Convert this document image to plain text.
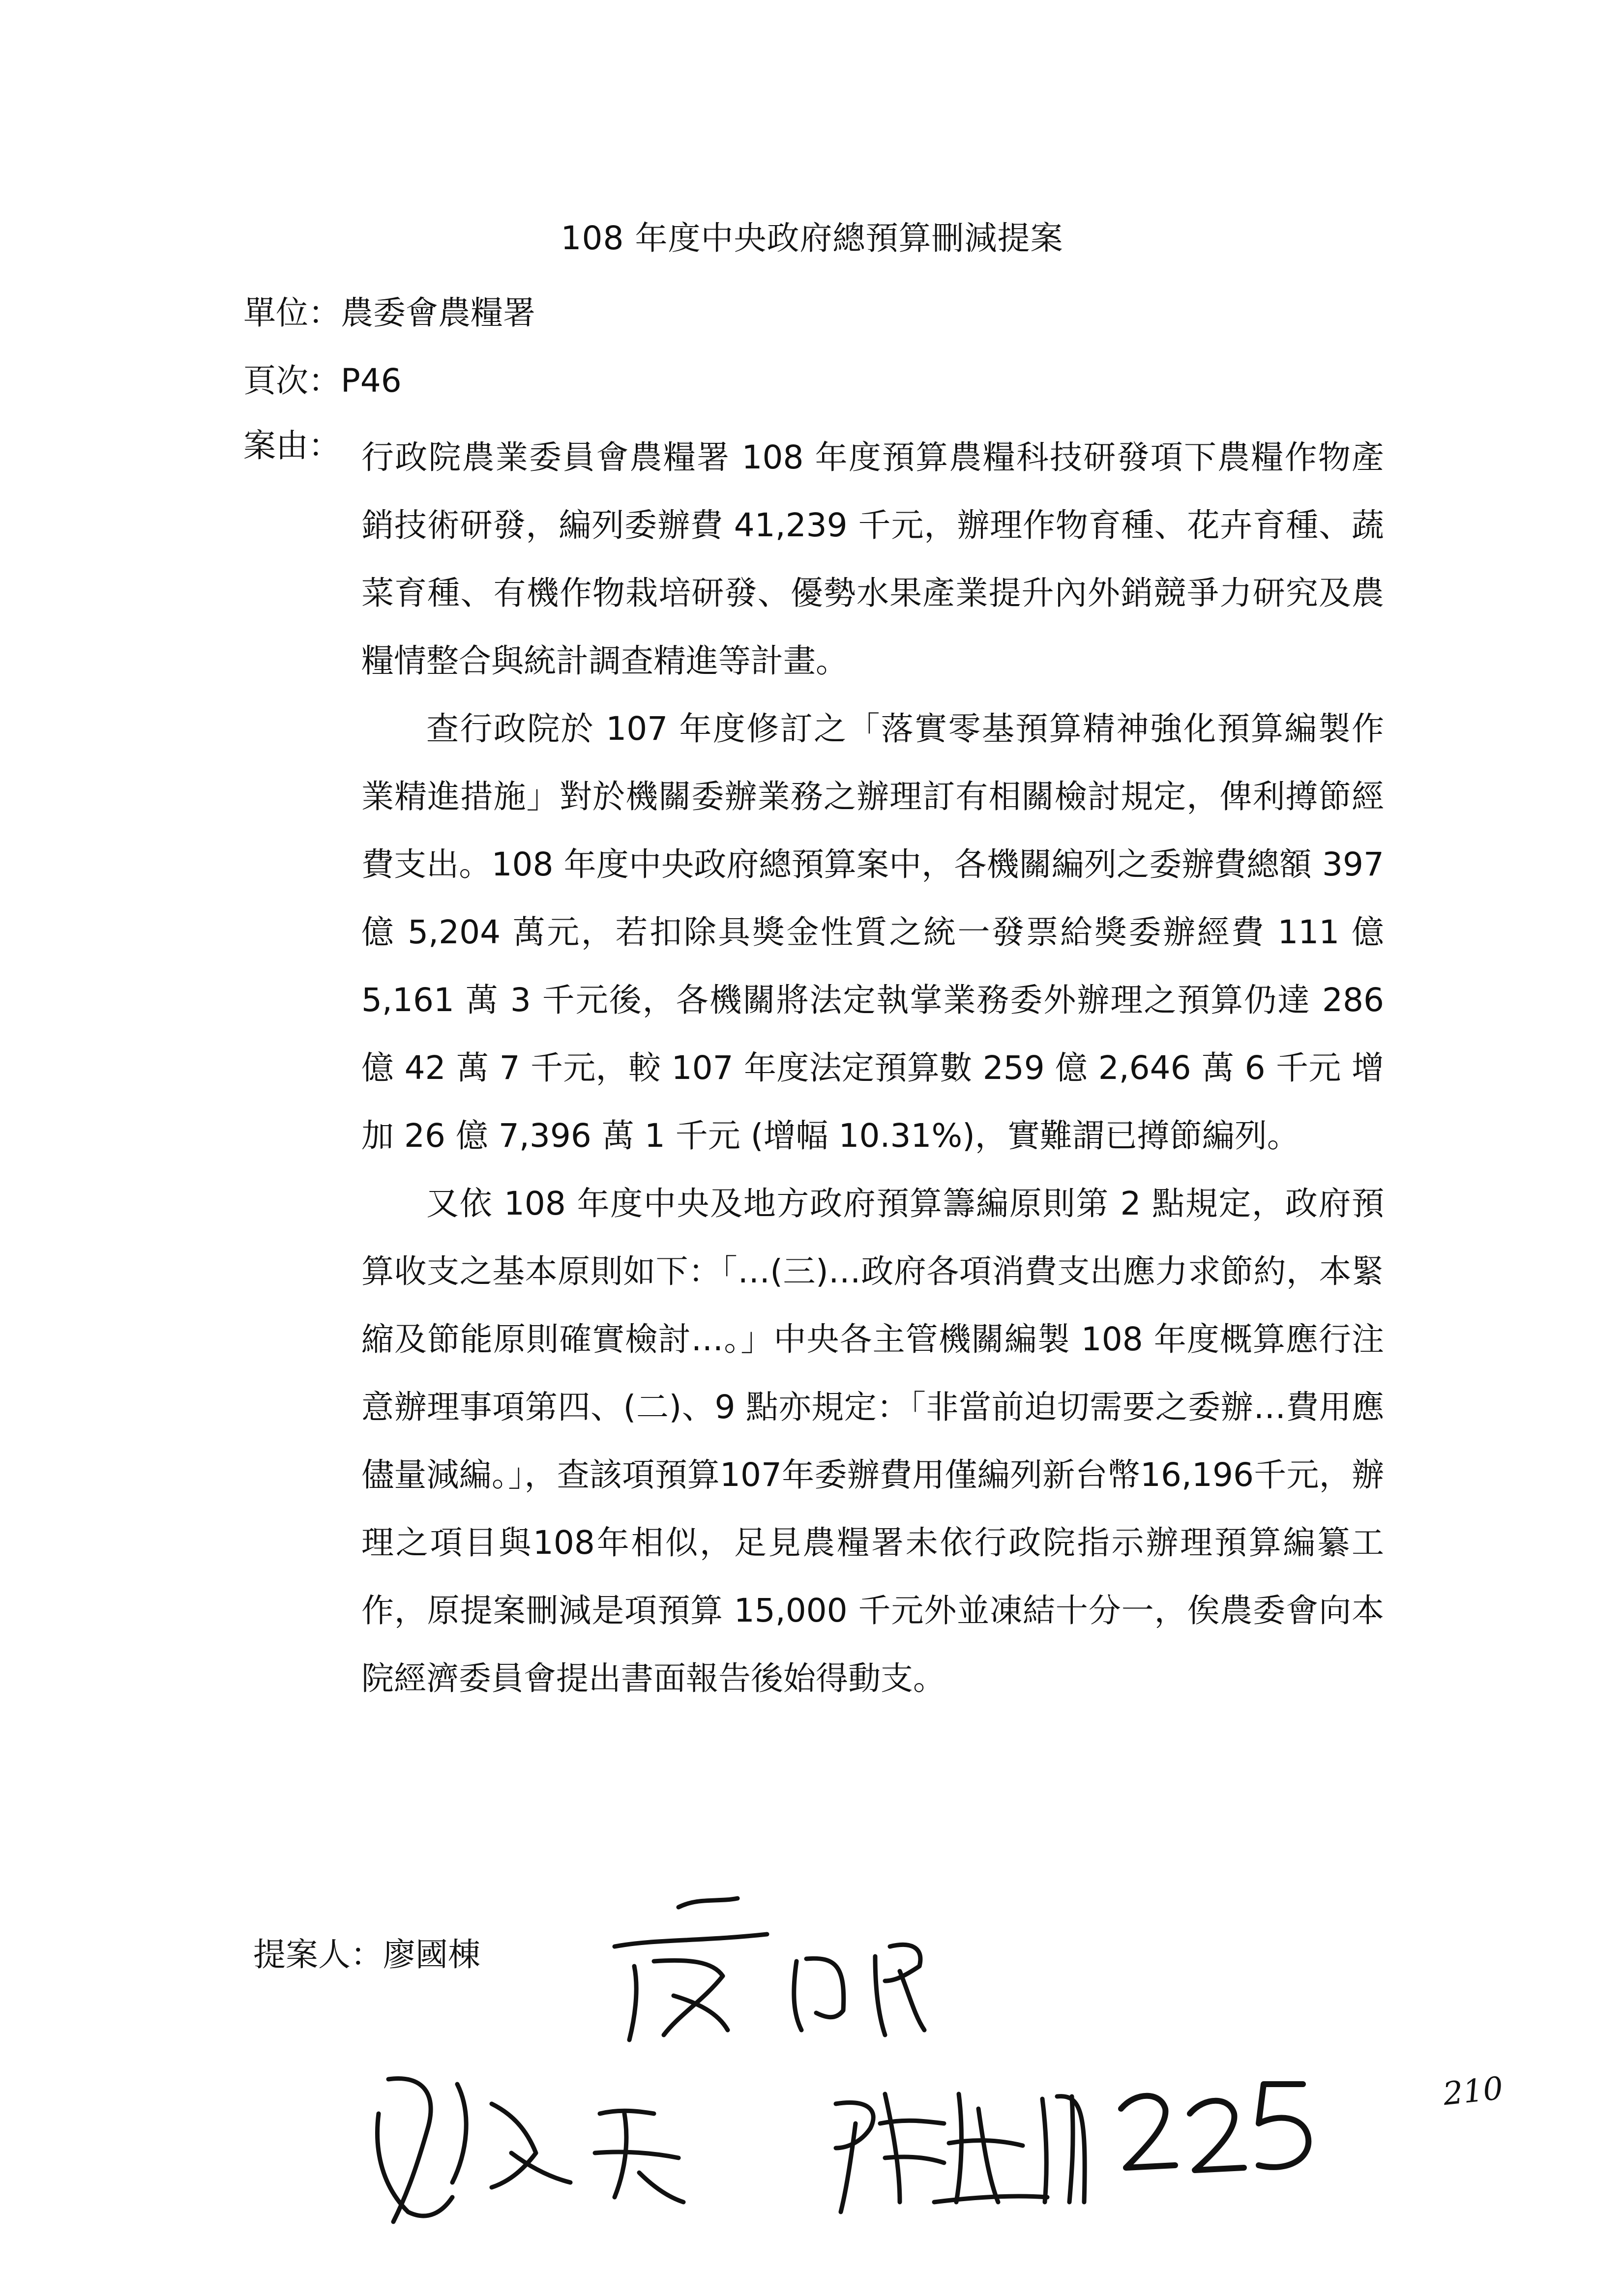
108 年度中央政府總預算刪減提案
單位：農委會農糧署
頁次：P46
案由： 行政院農業委員會農糧署 108 年度預算農糧科技研發項下農糧作物產銷技術研發，編列委辦費 41,239 千元，辦理作物育種、花卉育種、蔬菜育種、有機作物栽培研發、優勢水果產業提升內外銷競爭力研究及農糧情整合與統計調查精進等計畫。

查行政院於 107 年度修訂之「落實零基預算精神強化預算編製作業精進措施」對於機關委辦業務之辦理訂有相關檢討規定，俾利撙節經費支出。108 年度中央政府總預算案中，各機關編列之委辦費總額 397 億 5,204 萬元，若扣除具獎金性質之統一發票給獎委辦經費 111 億 5,161 萬 3 千元後，各機關將法定執掌業務委外辦理之預算仍達 286 億 42 萬 7 千元，較 107 年度法定預算數 259 億 2,646 萬 6 千元 增加 26 億 7,396 萬 1 千元 (增幅 10.31%)，實難謂已撙節編列。

又依 108 年度中央及地方政府預算籌編原則第 2 點規定，政府預算收支之基本原則如下：「…(三)…政府各項消費支出應力求節約，本緊縮及節能原則確實檢討…。」中央各主管機關編製 108 年度概算應行注意辦理事項第四、(二)、9 點亦規定：「非當前迫切需要之委辦…費用應儘量減編。」，查該項預算107年委辦費用僅編列新台幣16,196千元，辦理之項目與108年相似，足見農糧署未依行政院指示辦理預算編纂工作，原提案刪減是項預算 15,000 千元外並凍結十分一，俟農委會向本院經濟委員會提出書面報告後始得動支。

提案人：廖國棟
210
